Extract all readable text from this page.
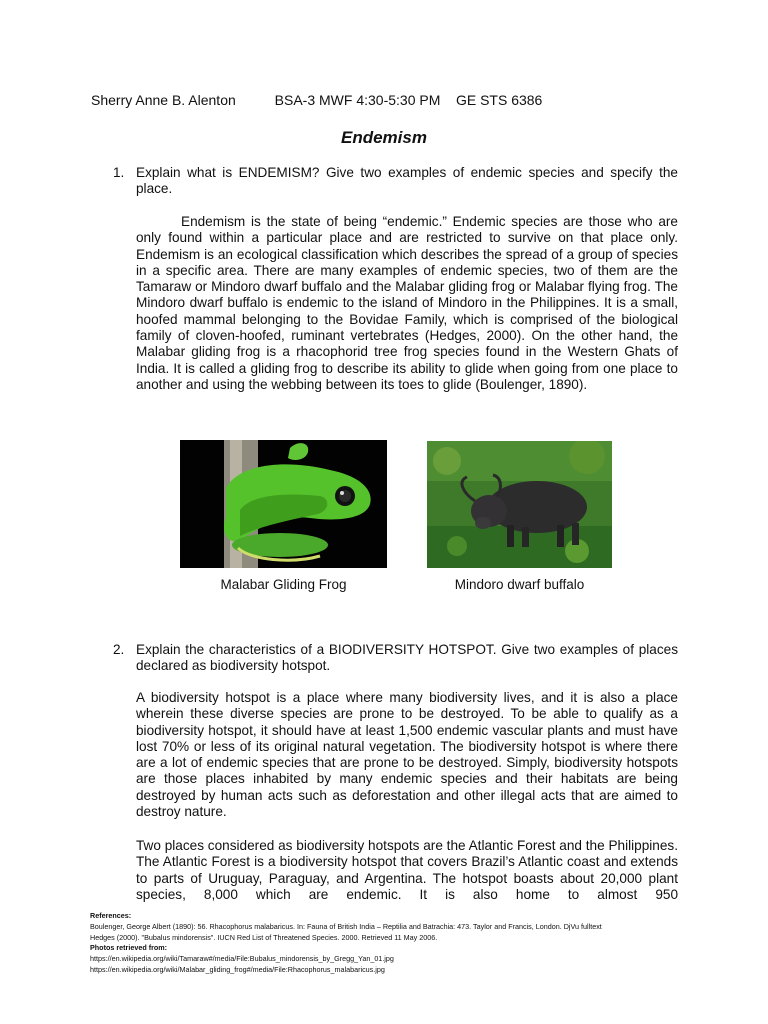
Sherry Anne B. Alenton	BSA-3 MWF 4:30-5:30 PM GE STS 6386
Endemism
1. Explain what is ENDEMISM? Give two examples of endemic species and specify the place.
Endemism is the state of being “endemic.” Endemic species are those who are only found within a particular place and are restricted to survive on that place only. Endemism is an ecological classification which describes the spread of a group of species in a specific area. There are many examples of endemic species, two of them are the Tamaraw or Mindoro dwarf buffalo and the Malabar gliding frog or Malabar flying frog. The Mindoro dwarf buffalo is endemic to the island of Mindoro in the Philippines. It is a small, hoofed mammal belonging to the Bovidae Family, which is comprised of the biological family of cloven-hoofed, ruminant vertebrates (Hedges, 2000). On the other hand, the Malabar gliding frog is a rhacophorid tree frog species found in the Western Ghats of India. It is called a gliding frog to describe its ability to glide when going from one place to another and using the webbing between its toes to glide (Boulenger, 1890).
Malabar Gliding Frog	Mindoro dwarf buffalo
2. Explain the characteristics of a BIODIVERSITY HOTSPOT. Give two examples of places declared as biodiversity hotspot.
A biodiversity hotspot is a place where many biodiversity lives, and it is also a place wherein these diverse species are prone to be destroyed. To be able to qualify as a biodiversity hotspot, it should have at least 1,500 endemic vascular plants and must have lost 70% or less of its original natural vegetation. The biodiversity hotspot is where there are a lot of endemic species that are prone to be destroyed. Simply, biodiversity hotspots are those places inhabited by many endemic species and their habitats are being destroyed by human acts such as deforestation and other illegal acts that are aimed to destroy nature.
Two places considered as biodiversity hotspots are the Atlantic Forest and the Philippines. The Atlantic Forest is a biodiversity hotspot that covers Brazil’s Atlantic coast and extends to parts of Uruguay, Paraguay, and Argentina. The hotspot boasts about 20,000 plant species, 8,000 which are endemic. It is also home to almost 950
References:
Boulenger, George Albert (1890): 56. Rhacophorus malabaricus. In: Fauna of British India – Reptilia and Batrachia: 473. Taylor and Francis, London. DjVu fulltext
Hedges (2000). "Bubalus mindorensis". IUCN Red List of Threatened Species. 2000. Retrieved 11 May 2006.
Photos retrieved from:
https://en.wikipedia.org/wiki/Tamaraw#/media/File:Bubalus_mindorensis_by_Gregg_Yan_01.jpg
https://en.wikipedia.org/wiki/Malabar_gliding_frog#/media/File:Rhacophorus_malabaricus.jpg
